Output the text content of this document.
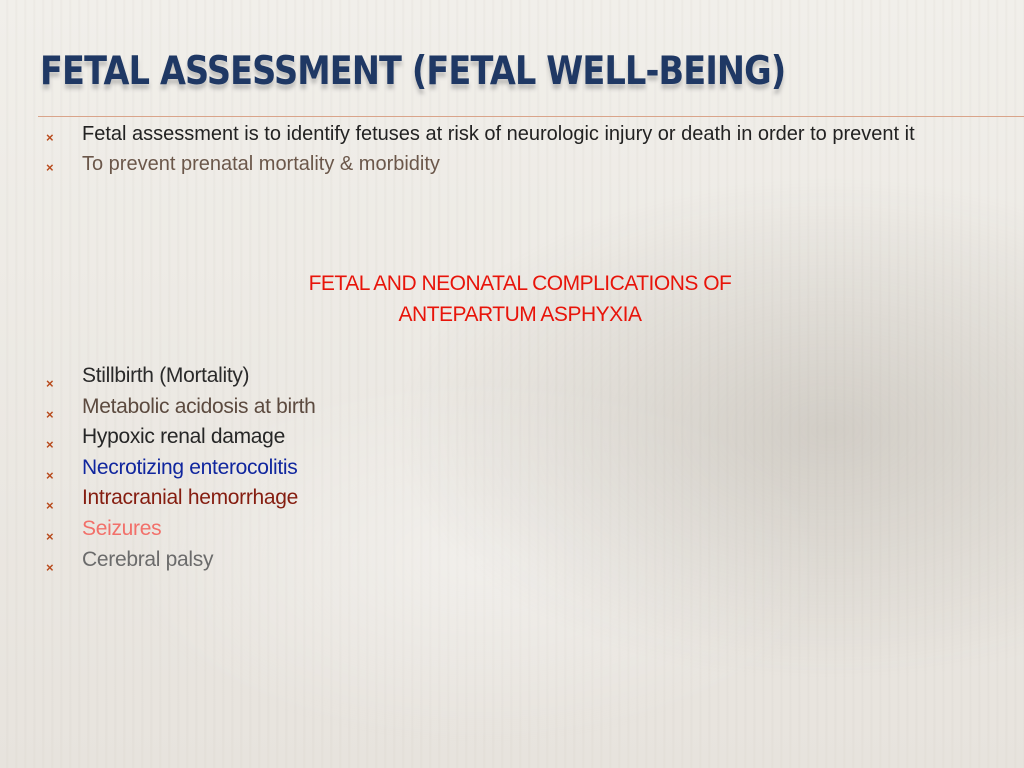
FETAL ASSESSMENT (FETAL WELL-BEING)
× Fetal assessment is to identify fetuses at risk of neurologic injury or death in order to prevent it
× To prevent prenatal mortality & morbidity
FETAL AND NEONATAL COMPLICATIONS OF
ANTEPARTUM ASPHYXIA
× Stillbirth (Mortality)
× Metabolic acidosis at birth
× Hypoxic renal damage
× Necrotizing enterocolitis
× Intracranial hemorrhage
× Seizures
× Cerebral palsy
